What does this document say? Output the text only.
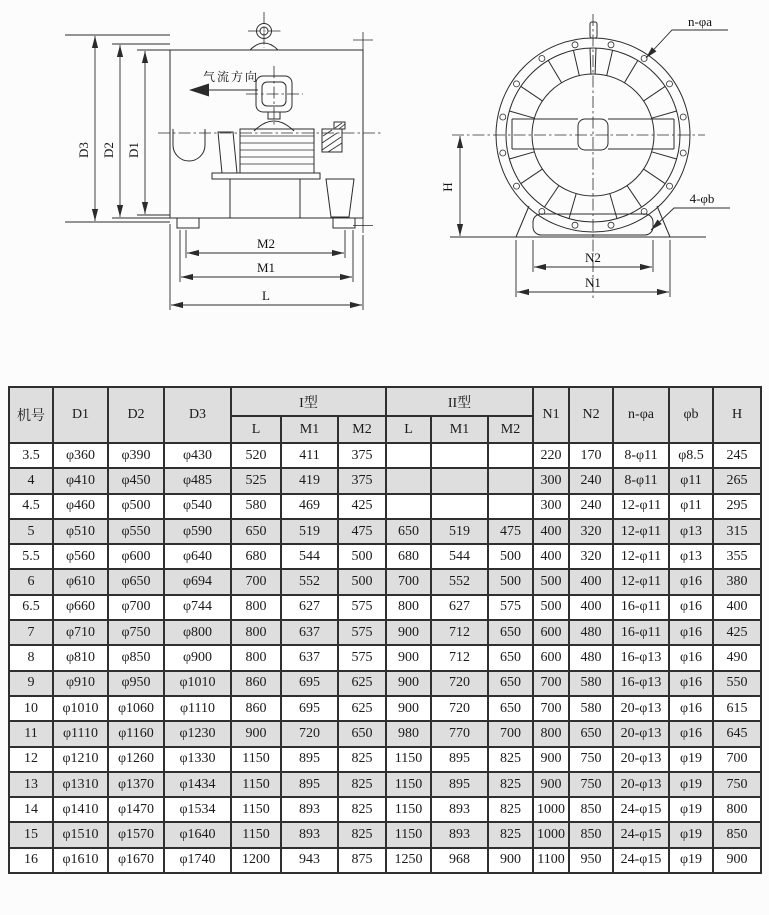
气流方向
D3 D2 D1
M2
M1
L
H
N2
N1
n-φa
4-φb
机号	D1	D2	D3	I型			II型			N1	N2	n-φa	φb	H
				L	M1	M2	L	M1	M2					
3.5	φ360	φ390	φ430	520	411	375				220	170	8-φ11	φ8.5	245
4	φ410	φ450	φ485	525	419	375				300	240	8-φ11	φ11	265
4.5	φ460	φ500	φ540	580	469	425				300	240	12-φ11	φ11	295
5	φ510	φ550	φ590	650	519	475	650	519	475	400	320	12-φ11	φ13	315
5.5	φ560	φ600	φ640	680	544	500	680	544	500	400	320	12-φ11	φ13	355
6	φ610	φ650	φ694	700	552	500	700	552	500	500	400	12-φ11	φ16	380
6.5	φ660	φ700	φ744	800	627	575	800	627	575	500	400	16-φ11	φ16	400
7	φ710	φ750	φ800	800	637	575	900	712	650	600	480	16-φ11	φ16	425
8	φ810	φ850	φ900	800	637	575	900	712	650	600	480	16-φ13	φ16	490
9	φ910	φ950	φ1010	860	695	625	900	720	650	700	580	16-φ13	φ16	550
10	φ1010	φ1060	φ1110	860	695	625	900	720	650	700	580	20-φ13	φ16	615
11	φ1110	φ1160	φ1230	900	720	650	980	770	700	800	650	20-φ13	φ16	645
12	φ1210	φ1260	φ1330	1150	895	825	1150	895	825	900	750	20-φ13	φ19	700
13	φ1310	φ1370	φ1434	1150	895	825	1150	895	825	900	750	20-φ13	φ19	750
14	φ1410	φ1470	φ1534	1150	893	825	1150	893	825	1000	850	24-φ15	φ19	800
15	φ1510	φ1570	φ1640	1150	893	825	1150	893	825	1000	850	24-φ15	φ19	850
16	φ1610	φ1670	φ1740	1200	943	875	1250	968	900	1100	950	24-φ15	φ19	900
